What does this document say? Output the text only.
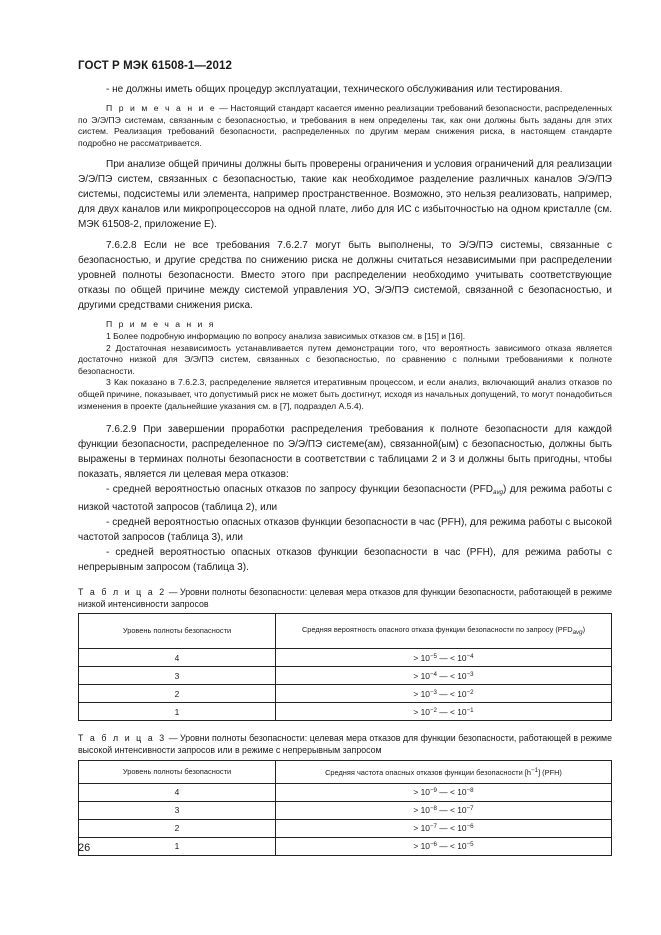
ГОСТ Р МЭК 61508-1—2012

- не должны иметь общих процедур эксплуатации, технического обслуживания или тестирования.

П р и м е ч а н и е — Настоящий стандарт касается именно реализации требований безопасности, распределенных по Э/Э/ПЭ системам, связанным с безопасностью, и требования в нем определены так, как они должны быть заданы для этих систем. Реализация требований безопасности, распределенных по другим мерам снижения риска, в настоящем стандарте подробно не рассматривается.

При анализе общей причины должны быть проверены ограничения и условия ограничений для реализации Э/Э/ПЭ систем, связанных с безопасностью, такие как необходимое разделение различных каналов Э/Э/ПЭ системы, подсистемы или элемента, например пространственное. Возможно, это нельзя реализовать, например, для двух каналов или микропроцессоров на одной плате, либо для ИС с избыточностью на одном кристалле (см. МЭК 61508-2, приложение Е).

7.6.2.8 Если не все требования 7.6.2.7 могут быть выполнены, то Э/Э/ПЭ системы, связанные с безопасностью, и другие средства по снижению риска не должны считаться независимыми при распределении уровней полноты безопасности. Вместо этого при распределении необходимо учитывать соответствующие отказы по общей причине между системой управления УО, Э/Э/ПЭ системой, связанной с безопасностью, и другими средствами снижения риска.

П р и м е ч а н и я

1 Более подробную информацию по вопросу анализа зависимых отказов см. в [15] и [16].

2 Достаточная независимость устанавливается путем демонстрации того, что вероятность зависимого отказа является достаточно низкой для Э/Э/ПЭ систем, связанных с безопасностью, по сравнению с полными требованиями к полноте безопасности.

3 Как показано в 7.6.2.3, распределение является итеративным процессом, и если анализ, включающий анализ отказов по общей причине, показывает, что допустимый риск не может быть достигнут, исходя из начальных допущений, то могут понадобиться изменения в проекте (дальнейшие указания см. в [7], подраздел А.5.4).

7.6.2.9 При завершении проработки распределения требования к полноте безопасности для каждой функции безопасности, распределенное по Э/Э/ПЭ системе(ам), связанной(ым) с безопасностью, должны быть выражены в терминах полноты безопасности в соответствии с таблицами 2 и 3 и должны быть пригодны, чтобы показать, является ли целевая мера отказов:

- средней вероятностью опасных отказов по запросу функции безопасности $(PFD_{avg})$ для режима работы с низкой частотой запросов (таблица 2), или

- средней вероятностью опасных отказов функции безопасности в час (PFH), для режима работы с высокой частотой запросов (таблица 3), или

- средней вероятностью опасных отказов функции безопасности в час (PFH), для режима работы с непрерывным запросом (таблица 3).

Т а б л и ц а 2 — Уровни полноты безопасности: целевая мера отказов для функции безопасности, работающей в режиме низкой интенсивности запросов

Уровень полноты безопасности	Средняя вероятность опасного отказа функции безопасности по запросу $(PFD_{avg})$
4	> $10^{-5}$ — < $10^{-4}$
3	> $10^{-4}$ — < $10^{-3}$
2	> $10^{-3}$ — < $10^{-2}$
1	> $10^{-2}$ — < $10^{-1}$

Т а б л и ц а 3 — Уровни полноты безопасности: целевая мера отказов для функции безопасности, работающей в режиме высокой интенсивности запросов или в режиме с непрерывным запросом

Уровень полноты безопасности	Средняя частота опасных отказов функции безопасности $[h^{-1}]$ (PFH)
4	> $10^{-9}$ — < $10^{-8}$
3	> $10^{-8}$ — < $10^{-7}$
2	> $10^{-7}$ — < $10^{-6}$
1	> $10^{-6}$ — < $10^{-5}$
26
